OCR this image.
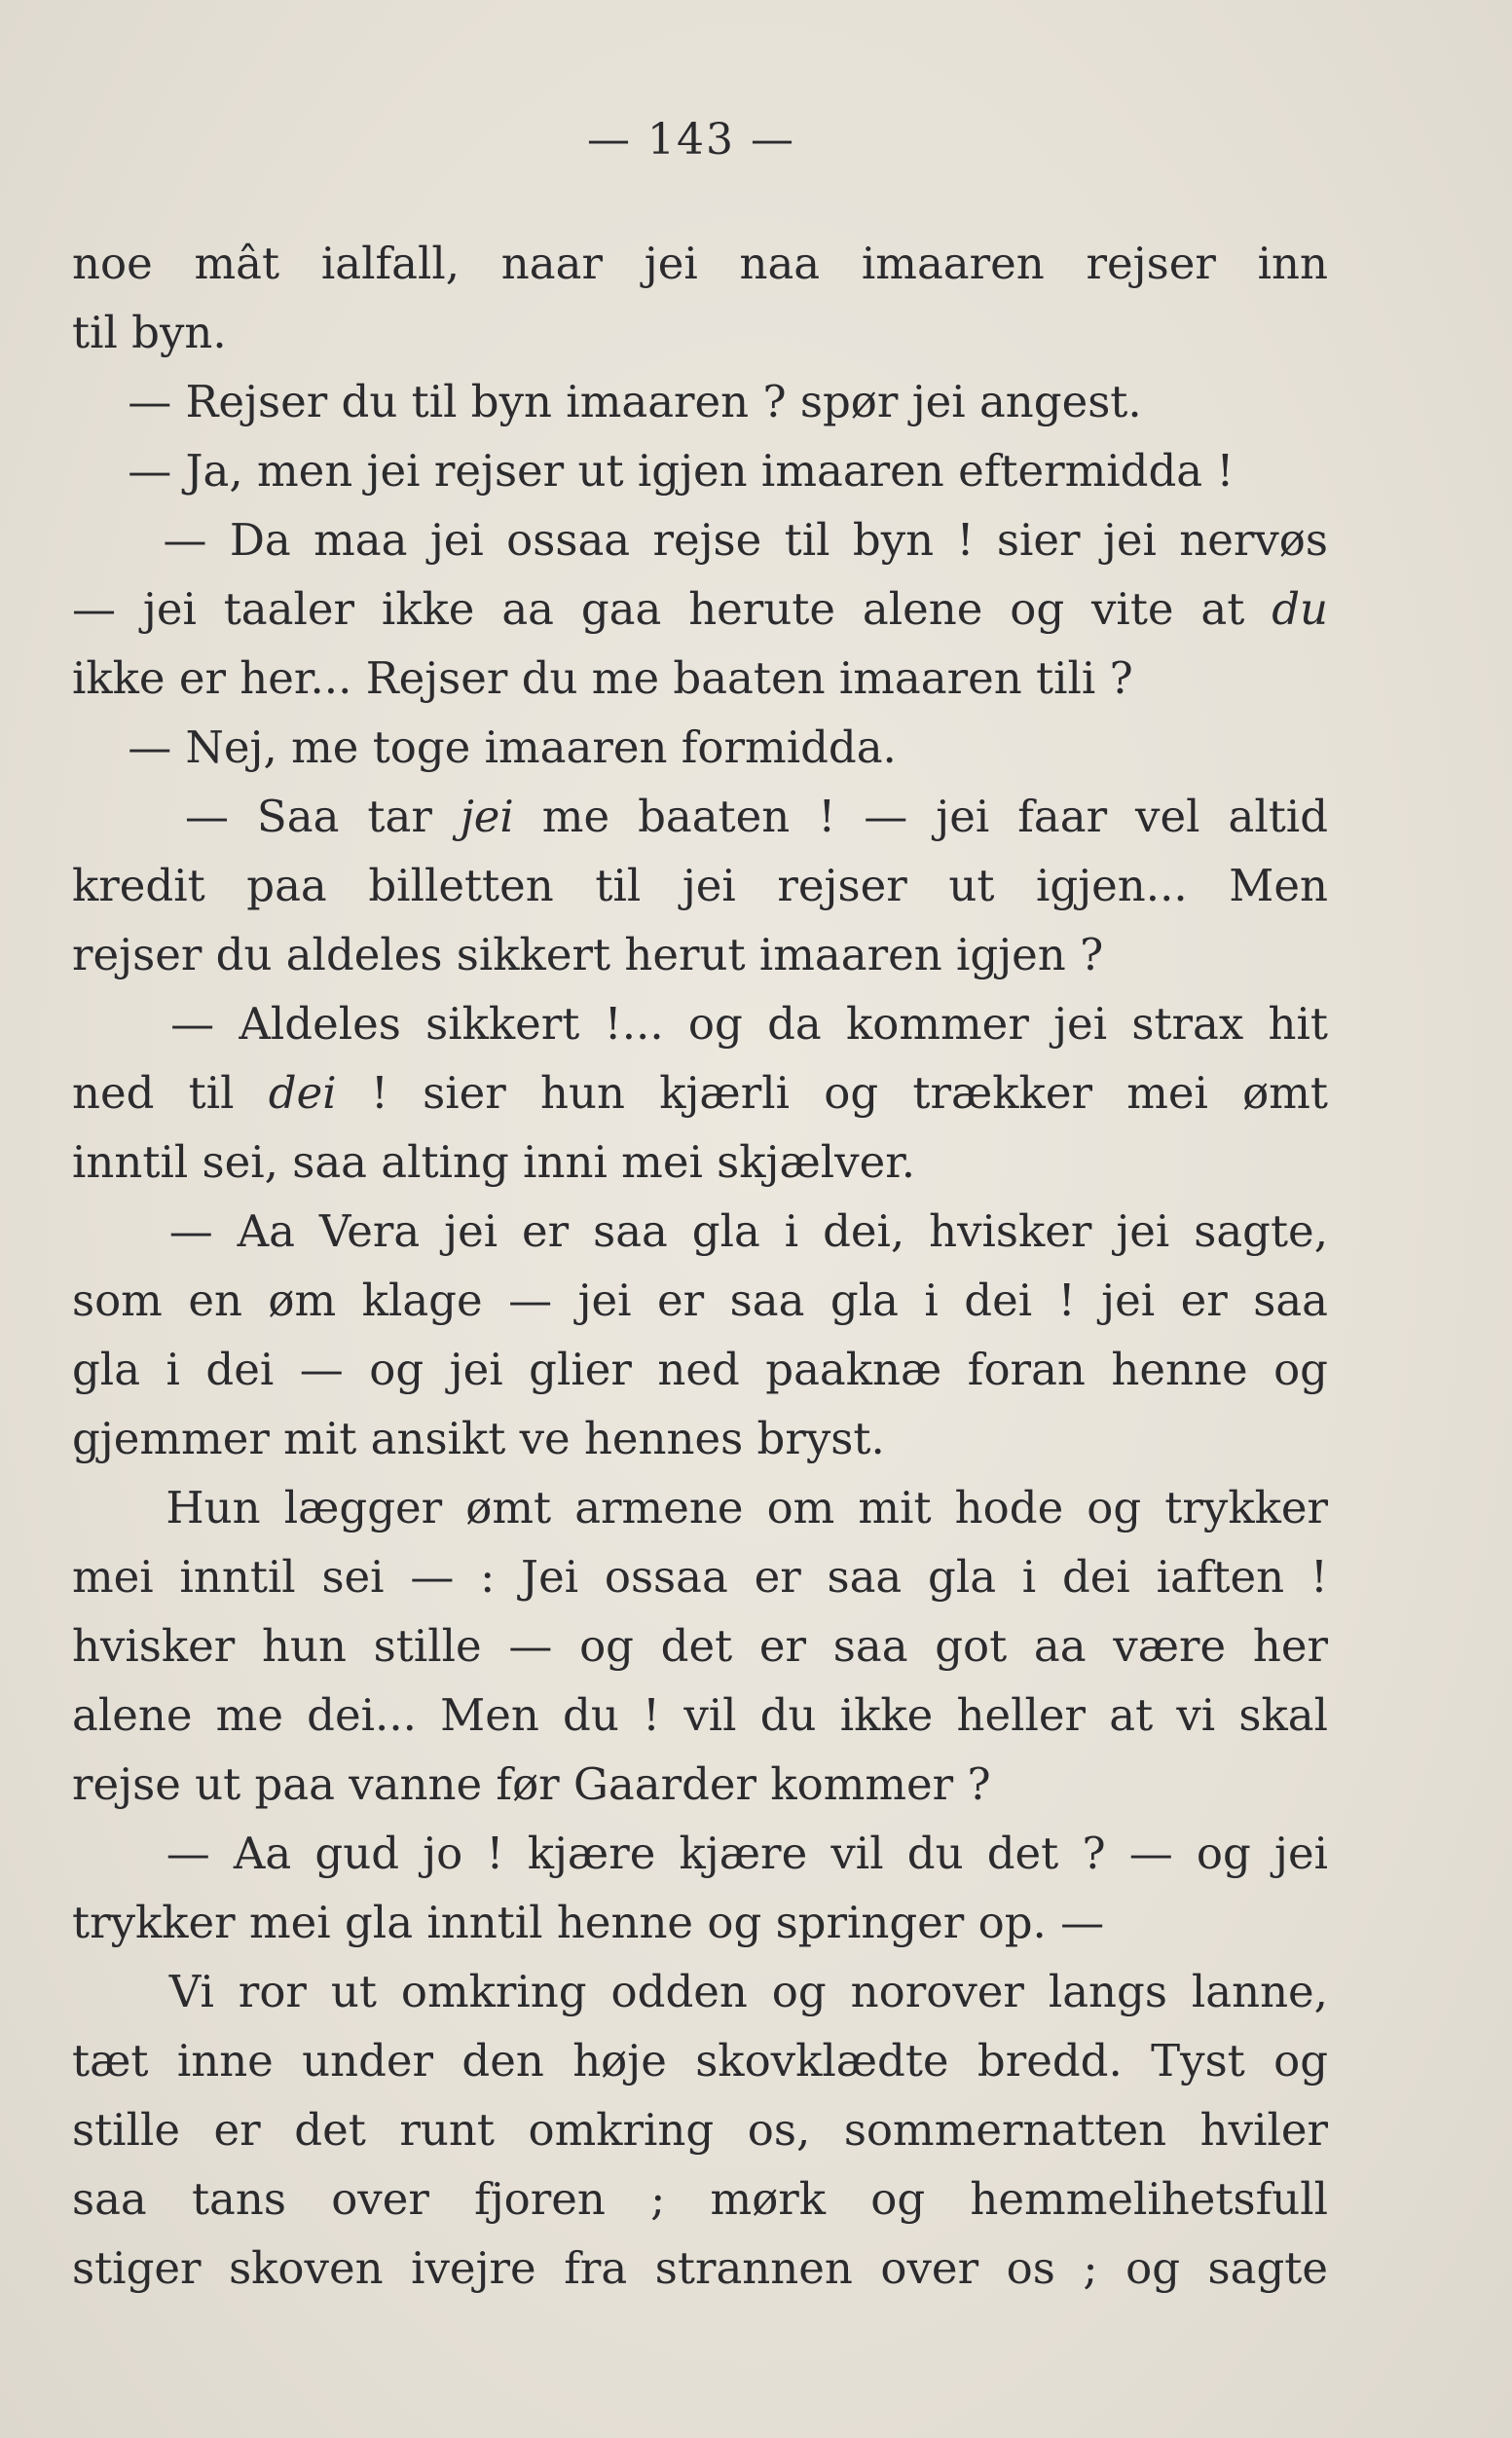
— 143 —
noe mât ialfall, naar jei naa imaaren rejser inn
til byn.
— Rejser du til byn imaaren ? spør jei angest.
— Ja, men jei rejser ut igjen imaaren eftermidda !
— Da maa jei ossaa rejse til byn ! sier jei nervøs
— jei taaler ikke aa gaa herute alene og vite at du
ikke er her... Rejser du me baaten imaaren tili ?
— Nej, me toge imaaren formidda.
— Saa tar jei me baaten ! — jei faar vel altid
kredit paa billetten til jei rejser ut igjen... Men
rejser du aldeles sikkert herut imaaren igjen ?
— Aldeles sikkert !... og da kommer jei strax hit
ned til dei ! sier hun kjærli og trækker mei ømt
inntil sei, saa alting inni mei skjælver.
— Aa Vera jei er saa gla i dei, hvisker jei sagte,
som en øm klage — jei er saa gla i dei ! jei er saa
gla i dei — og jei glier ned paaknæ foran henne og
gjemmer mit ansikt ve hennes bryst.
Hun lægger ømt armene om mit hode og trykker
mei inntil sei — : Jei ossaa er saa gla i dei iaften !
hvisker hun stille — og det er saa got aa være her
alene me dei... Men du ! vil du ikke heller at vi skal
rejse ut paa vanne før Gaarder kommer ?
— Aa gud jo ! kjære kjære vil du det ? — og jei
trykker mei gla inntil henne og springer op. —
Vi ror ut omkring odden og norover langs lanne,
tæt inne under den høje skovklædte bredd. Tyst og
stille er det runt omkring os, sommernatten hviler
saa tans over fjoren ; mørk og hemmelihetsfull
stiger skoven ivejre fra strannen over os ; og sagte
